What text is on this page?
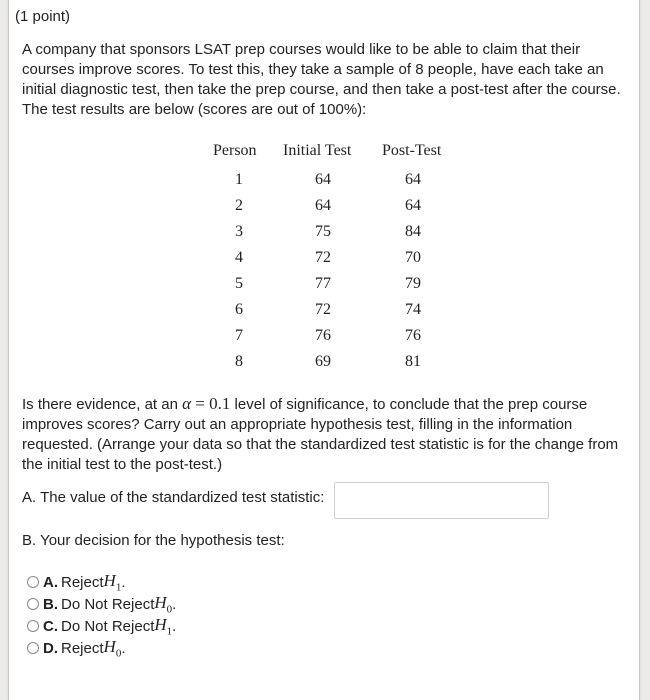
(1 point)
A company that sponsors LSAT prep courses would like to be able to claim that their courses improve scores. To test this, they take a sample of 8 people, have each take an initial diagnostic test, then take the prep course, and then take a post-test after the course. The test results are below (scores are out of 100%):
Person Initial Test Post-Test
1	64	64
2	64	64
3	75	84
4	72	70
5	77	79
6	72	74
7	76	76
8	69	81
Is there evidence, at an α = 0.1 level of significance, to conclude that the prep course improves scores? Carry out an appropriate hypothesis test, filling in the information requested. (Arrange your data so that the standardized test statistic is for the change from the initial test to the post-test.)
A. The value of the standardized test statistic:
B. Your decision for the hypothesis test:
A. Reject $H_1$ .
B. Do Not Reject $H_0$ .
C. Do Not Reject $H_1$ .
D. Reject $H_0$ .
